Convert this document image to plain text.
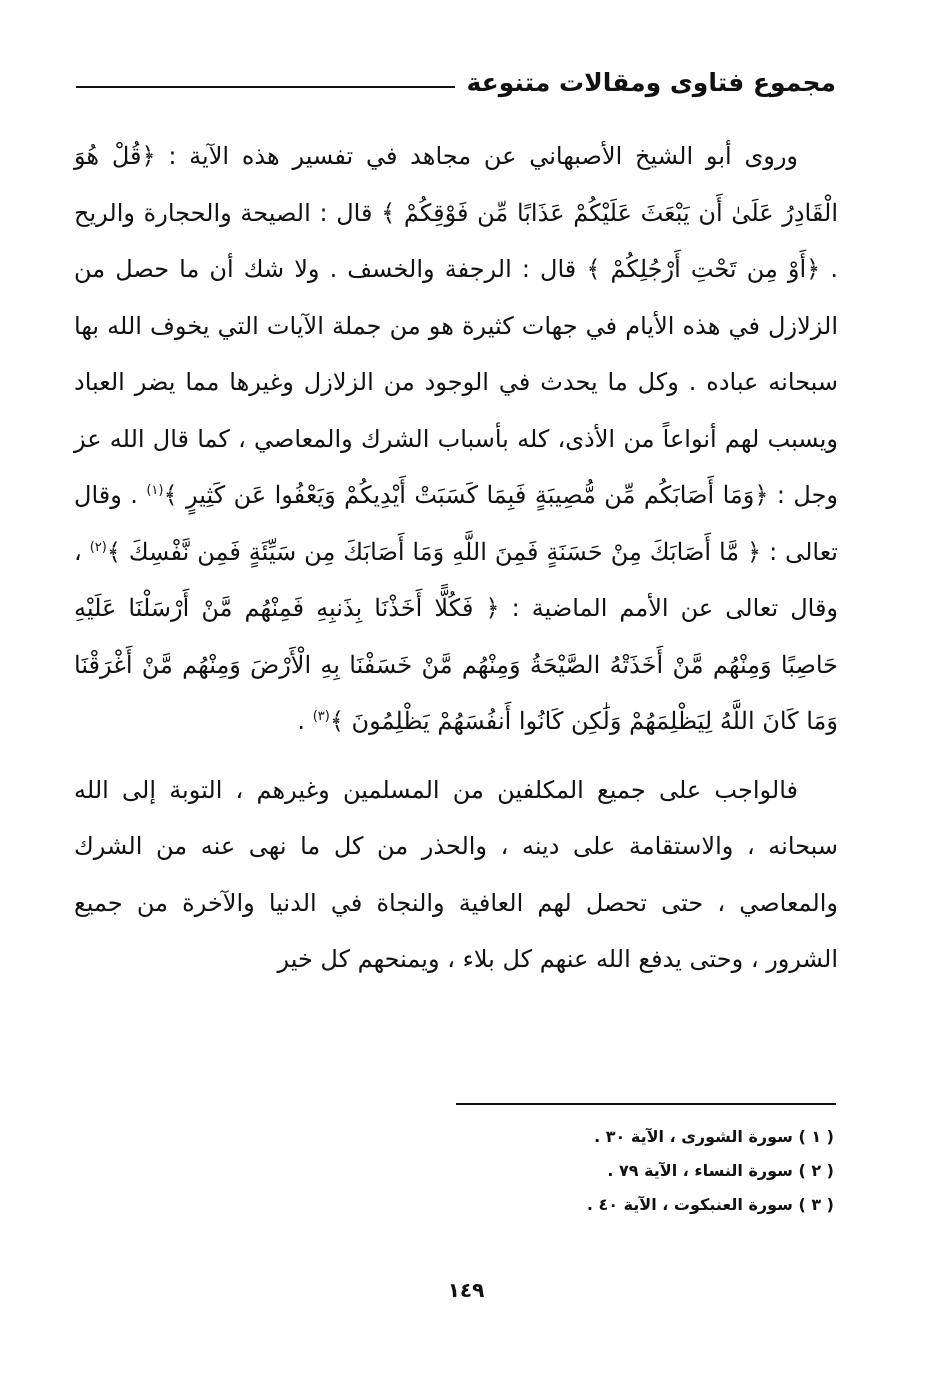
مجموع فتاوى ومقالات متنوعة

وروى أبو الشيخ الأصبهاني عن مجاهد في تفسير هذه الآية : ﴿قُلْ هُوَ الْقَادِرُ عَلَىٰ أَن يَبْعَثَ عَلَيْكُمْ عَذَابًا مِّن فَوْقِكُمْ ﴾ قال : الصيحة والحجارة والريح . ﴿أَوْ مِن تَحْتِ أَرْجُلِكُمْ ﴾ قال : الرجفة والخسف . ولا شك أن ما حصل من الزلازل في هذه الأيام في جهات كثيرة هو من جملة الآيات التي يخوف الله بها سبحانه عباده . وكل ما يحدث في الوجود من الزلازل وغيرها مما يضر العباد ويسبب لهم أنواعاً من الأذى، كله بأسباب الشرك والمعاصي ، كما قال الله عز وجل : ﴿وَمَا أَصَابَكُم مِّن مُّصِيبَةٍ فَبِمَا كَسَبَتْ أَيْدِيكُمْ وَيَعْفُوا عَن كَثِيرٍ ﴾$^{(١)}$ . وقال تعالى : ﴿ مَّا أَصَابَكَ مِنْ حَسَنَةٍ فَمِنَ اللَّهِ وَمَا أَصَابَكَ مِن سَيِّئَةٍ فَمِن نَّفْسِكَ ﴾$^{(٢)}$ ، وقال تعالى عن الأمم الماضية : ﴿ فَكُلًّا أَخَذْنَا بِذَنبِهِ فَمِنْهُم مَّنْ أَرْسَلْنَا عَلَيْهِ حَاصِبًا وَمِنْهُم مَّنْ أَخَذَتْهُ الصَّيْحَةُ وَمِنْهُم مَّنْ خَسَفْنَا بِهِ الْأَرْضَ وَمِنْهُم مَّنْ أَغْرَقْنَا وَمَا كَانَ اللَّهُ لِيَظْلِمَهُمْ وَلَٰكِن كَانُوا أَنفُسَهُمْ يَظْلِمُونَ ﴾$^{(٣)}$ .

فالواجب على جميع المكلفين من المسلمين وغيرهم ، التوبة إلى الله سبحانه ، والاستقامة على دينه ، والحذر من كل ما نهى عنه من الشرك والمعاصي ، حتى تحصل لهم العافية والنجاة في الدنيا والآخرة من جميع الشرور ، وحتى يدفع الله عنهم كل بلاء ، ويمنحهم كل خير

( ١ ) سورة الشورى ، الآية ٣٠ .
( ٢ ) سورة النساء ، الآية ٧٩ .
( ٣ ) سورة العنبكوت ، الآية ٤٠ .
١٤٩
